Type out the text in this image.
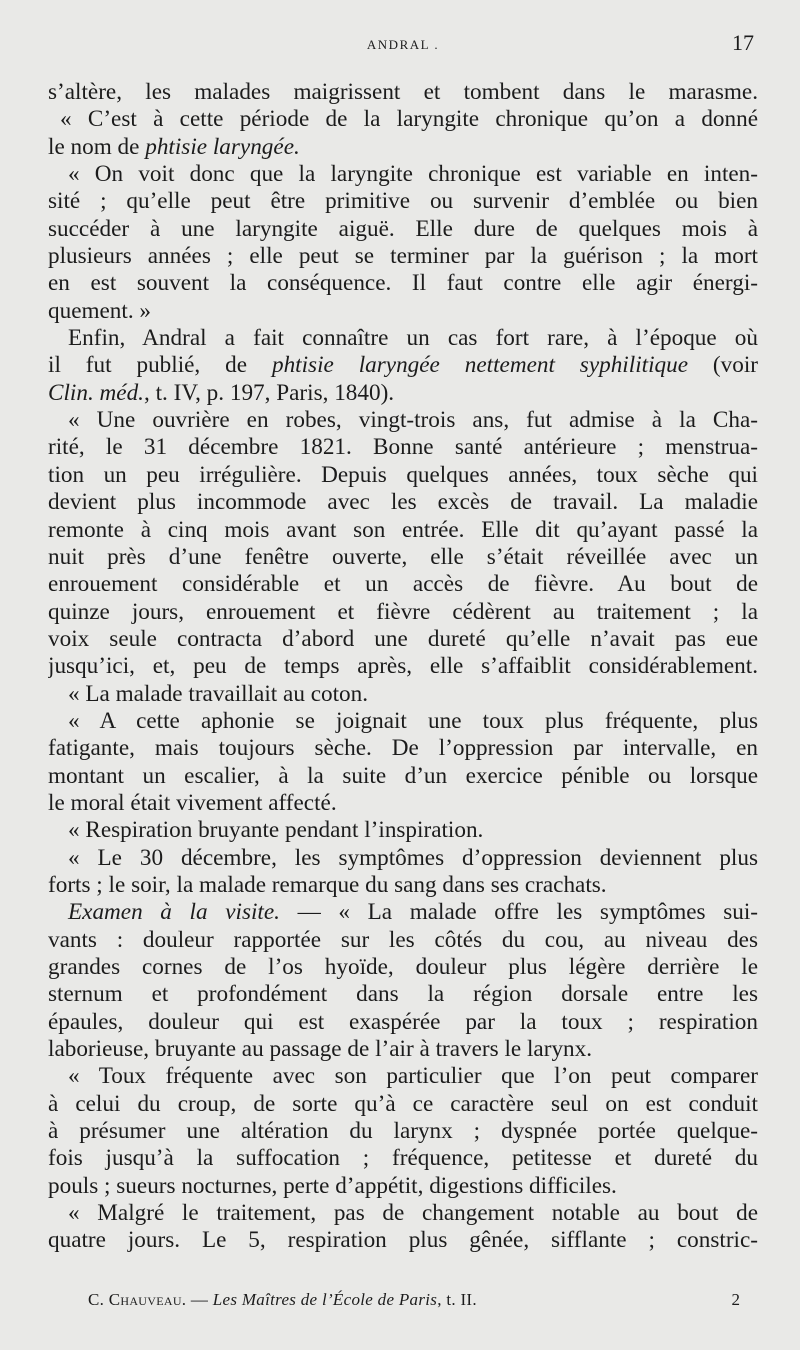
ANDRAL .	17
s’altère, les malades maigrissent et tombent dans le marasme.
« C’est à cette période de la laryngite chronique qu’on a donné
le nom de phtisie laryngée.
« On voit donc que la laryngite chronique est variable en inten-
sité ; qu’elle peut être primitive ou survenir d’emblée ou bien
succéder à une laryngite aiguë. Elle dure de quelques mois à
plusieurs années ; elle peut se terminer par la guérison ; la mort
en est souvent la conséquence. Il faut contre elle agir énergi-
quement. »
Enfin, Andral a fait connaître un cas fort rare, à l’époque où
il fut publié, de phtisie laryngée nettement syphilitique (voir
Clin. méd., t. IV, p. 197, Paris, 1840).
« Une ouvrière en robes, vingt-trois ans, fut admise à la Cha-
rité, le 31 décembre 1821. Bonne santé antérieure ; menstrua-
tion un peu irrégulière. Depuis quelques années, toux sèche qui
devient plus incommode avec les excès de travail. La maladie
remonte à cinq mois avant son entrée. Elle dit qu’ayant passé la
nuit près d’une fenêtre ouverte, elle s’était réveillée avec un
enrouement considérable et un accès de fièvre. Au bout de
quinze jours, enrouement et fièvre cédèrent au traitement ; la
voix seule contracta d’abord une dureté qu’elle n’avait pas eue
jusqu’ici, et, peu de temps après, elle s’affaiblit considérablement.
« La malade travaillait au coton.
« A cette aphonie se joignait une toux plus fréquente, plus
fatigante, mais toujours sèche. De l’oppression par intervalle, en
montant un escalier, à la suite d’un exercice pénible ou lorsque
le moral était vivement affecté.
« Respiration bruyante pendant l’inspiration.
« Le 30 décembre, les symptômes d’oppression deviennent plus
forts ; le soir, la malade remarque du sang dans ses crachats.
Examen à la visite. — « La malade offre les symptômes sui-
vants : douleur rapportée sur les côtés du cou, au niveau des
grandes cornes de l’os hyoïde, douleur plus légère derrière le
sternum et profondément dans la région dorsale entre les
épaules, douleur qui est exaspérée par la toux ; respiration
laborieuse, bruyante au passage de l’air à travers le larynx.
« Toux fréquente avec son particulier que l’on peut comparer
à celui du croup, de sorte qu’à ce caractère seul on est conduit
à présumer une altération du larynx ; dyspnée portée quelque-
fois jusqu’à la suffocation ; fréquence, petitesse et dureté du
pouls ; sueurs nocturnes, perte d’appétit, digestions difficiles.
« Malgré le traitement, pas de changement notable au bout de
quatre jours. Le 5, respiration plus gênée, sifflante ; constric-
C. Chauveau. — Les Maîtres de l’École de Paris, t. II.	2
